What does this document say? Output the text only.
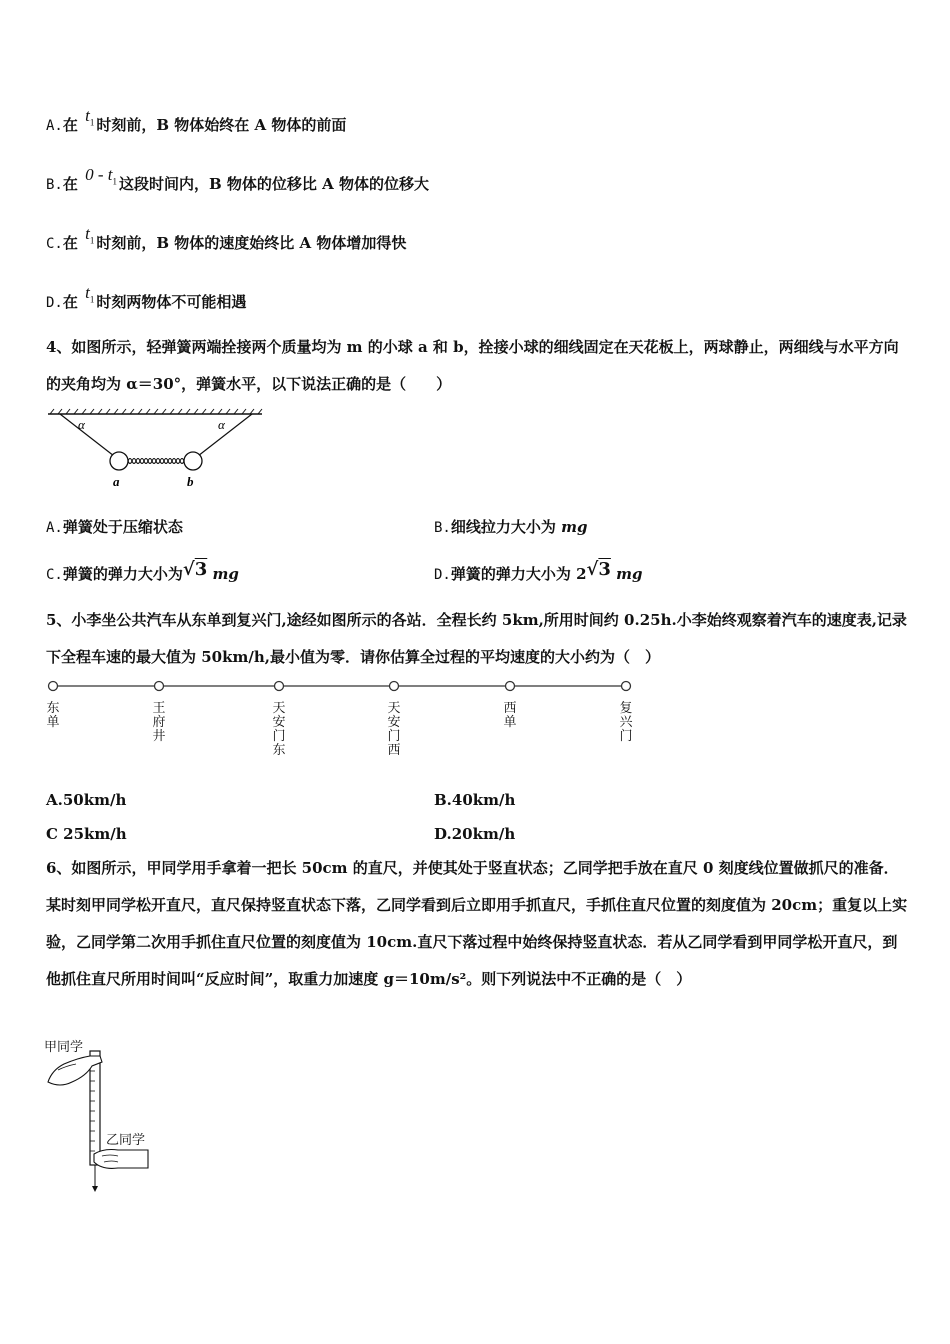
A.在 $t_1$ 时刻前，B 物体始终在 A 物体的前面
B.在 $0 - t_1$ 这段时间内，B 物体的位移比 A 物体的位移大
C.在 $t_1$ 时刻前，B 物体的速度始终比 A 物体增加得快
D.在 $t_1$ 时刻两物体不可能相遇
4、如图所示，轻弹簧两端拴接两个质量均为 m 的小球 a 和 b，拴接小球的细线固定在天花板上，两球静止，两细线与水平方向的夹角均为 α＝30°，弹簧水平，以下说法正确的是（　　）
α	α
a	b
A.弹簧处于压缩状态	B.细线拉力大小为 mg
C.弹簧的弹力大小为√3 mg	D.弹簧的弹力大小为 2√3 mg
5、小李坐公共汽车从东单到复兴门,途经如图所示的各站．全程长约 5km,所用时间约 0.25h.小李始终观察着汽车的速度表,记录下全程车速的最大值为 50km/h,最小值为零．请你估算全过程的平均速度的大小约为（　）
东单
王府井
天安门东
天安门西
西单
复兴门
A.50km/h	B.40km/h
C 25km/h	D.20km/h
6、如图所示，甲同学用手拿着一把长 50cm 的直尺，并使其处于竖直状态；乙同学把手放在直尺 0 刻度线位置做抓尺的准备．某时刻甲同学松开直尺，直尺保持竖直状态下落，乙同学看到后立即用手抓直尺，手抓住直尺位置的刻度值为 20cm；重复以上实验，乙同学第二次用手抓住直尺位置的刻度值为 10cm.直尺下落过程中始终保持竖直状态．若从乙同学看到甲同学松开直尺，到他抓住直尺所用时间叫“反应时间”，取重力加速度 g＝10m/s²。则下列说法中不正确的是（　）
甲同学
乙同学
